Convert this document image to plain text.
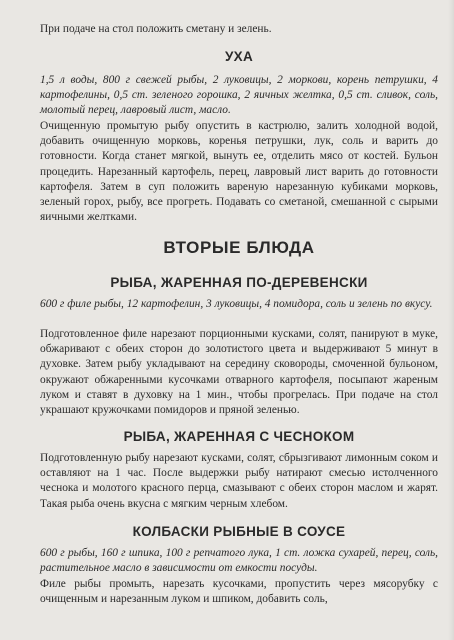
При подаче на стол положить сметану и зелень.

УХА

1,5 л воды, 800 г свежей рыбы, 2 луковицы, 2 моркови, корень петрушки, 4 картофелины, 0,5 ст. зеленого горошка, 2 яичных желтка, 0,5 ст. сливок, соль, молотый перец, лавровый лист, масло.

Очищенную промытую рыбу опустить в кастрюлю, залить холодной водой, добавить очищенную морковь, коренья петрушки, лук, соль и варить до готовности. Когда станет мягкой, вынуть ее, отделить мясо от костей. Бульон процедить. Нарезанный картофель, перец, лавровый лист варить до готовности картофеля. Затем в суп положить вареную нарезанную кубиками морковь, зеленый горох, рыбу, все прогреть. Подавать со сметаной, смешанной с сырыми яичными желтками.

ВТОРЫЕ БЛЮДА
РЫБА, ЖАРЕННАЯ ПО-ДЕРЕВЕНСКИ

600 г филе рыбы, 12 картофелин, 3 луковицы, 4 помидора, соль и зелень по вкусу.

Подготовленное филе нарезают порционными кусками, солят, панируют в муке, обжаривают с обеих сторон до золотистого цвета и выдерживают 5 минут в духовке. Затем рыбу укладывают на середину сковороды, смоченной бульоном, окружают обжаренными кусочками отварного картофеля, посыпают жареным луком и ставят в духовку на 1 мин., чтобы прогрелась. При подаче на стол украшают кружочками помидоров и пряной зеленью.

РЫБА, ЖАРЕННАЯ С ЧЕСНОКОМ

Подготовленную рыбу нарезают кусками, солят, сбрызгивают лимонным соком и оставляют на 1 час. После выдержки рыбу натирают смесью истолченного чеснока и молотого красного перца, смазывают с обеих сторон маслом и жарят. Такая рыба очень вкусна с мягким черным хлебом.

КОЛБАСКИ РЫБНЫЕ В СОУСЕ

600 г рыбы, 160 г шпика, 100 г репчатого лука, 1 ст. ложка сухарей, перец, соль, растительное масло в зависимости от емкости посуды.

Филе рыбы промыть, нарезать кусочками, пропустить через мясорубку с очищенным и нарезанным луком и шпиком, добавить соль,
